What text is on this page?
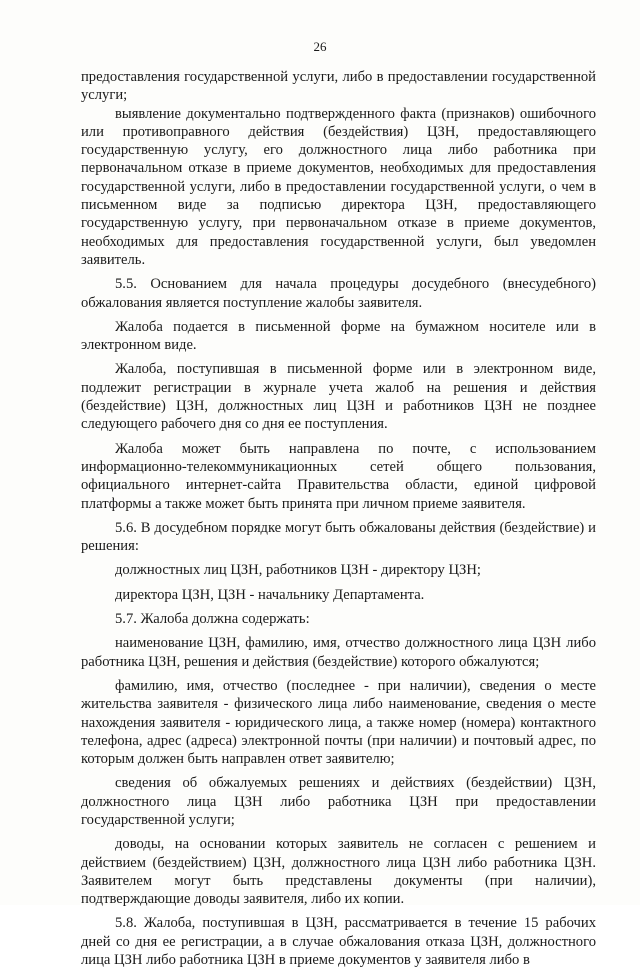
26

предоставления государственной услуги, либо в предоставлении государственной услуги;

выявление документально подтвержденного факта (признаков) ошибочного или противоправного действия (бездействия) ЦЗН, предоставляющего государственную услугу, его должностного лица либо работника при первоначальном отказе в приеме документов, необходимых для предоставления государственной услуги, либо в предоставлении государственной услуги, о чем в письменном виде за подписью директора ЦЗН, предоставляющего государственную услугу, при первоначальном отказе в приеме документов, необходимых для предоставления государственной услуги, был уведомлен заявитель.

5.5. Основанием для начала процедуры досудебного (внесудебного) обжалования является поступление жалобы заявителя.

Жалоба подается в письменной форме на бумажном носителе или в электронном виде.

Жалоба, поступившая в письменной форме или в электронном виде, подлежит регистрации в журнале учета жалоб на решения и действия (бездействие) ЦЗН, должностных лиц ЦЗН и работников ЦЗН не позднее следующего рабочего дня со дня ее поступления.

Жалоба может быть направлена по почте, с использованием информационно-телекоммуникационных сетей общего пользования, официального интернет-сайта Правительства области, единой цифровой платформы а также может быть принята при личном приеме заявителя.

5.6. В досудебном порядке могут быть обжалованы действия (бездействие) и решения:

должностных лиц ЦЗН, работников ЦЗН - директору ЦЗН;

директора ЦЗН, ЦЗН - начальнику Департамента.

5.7. Жалоба должна содержать:

наименование ЦЗН, фамилию, имя, отчество должностного лица ЦЗН либо работника ЦЗН, решения и действия (бездействие) которого обжалуются;

фамилию, имя, отчество (последнее - при наличии), сведения о месте жительства заявителя - физического лица либо наименование, сведения о месте нахождения заявителя - юридического лица, а также номер (номера) контактного телефона, адрес (адреса) электронной почты (при наличии) и почтовый адрес, по которым должен быть направлен ответ заявителю;

сведения об обжалуемых решениях и действиях (бездействии) ЦЗН, должностного лица ЦЗН либо работника ЦЗН при предоставлении государственной услуги;

доводы, на основании которых заявитель не согласен с решением и действием (бездействием) ЦЗН, должностного лица ЦЗН либо работника ЦЗН. Заявителем могут быть представлены документы (при наличии), подтверждающие доводы заявителя, либо их копии.

5.8. Жалоба, поступившая в ЦЗН, рассматривается в течение 15 рабочих дней со дня ее регистрации, а в случае обжалования отказа ЦЗН, должностного лица ЦЗН либо работника ЦЗН в приеме документов у заявителя либо в
